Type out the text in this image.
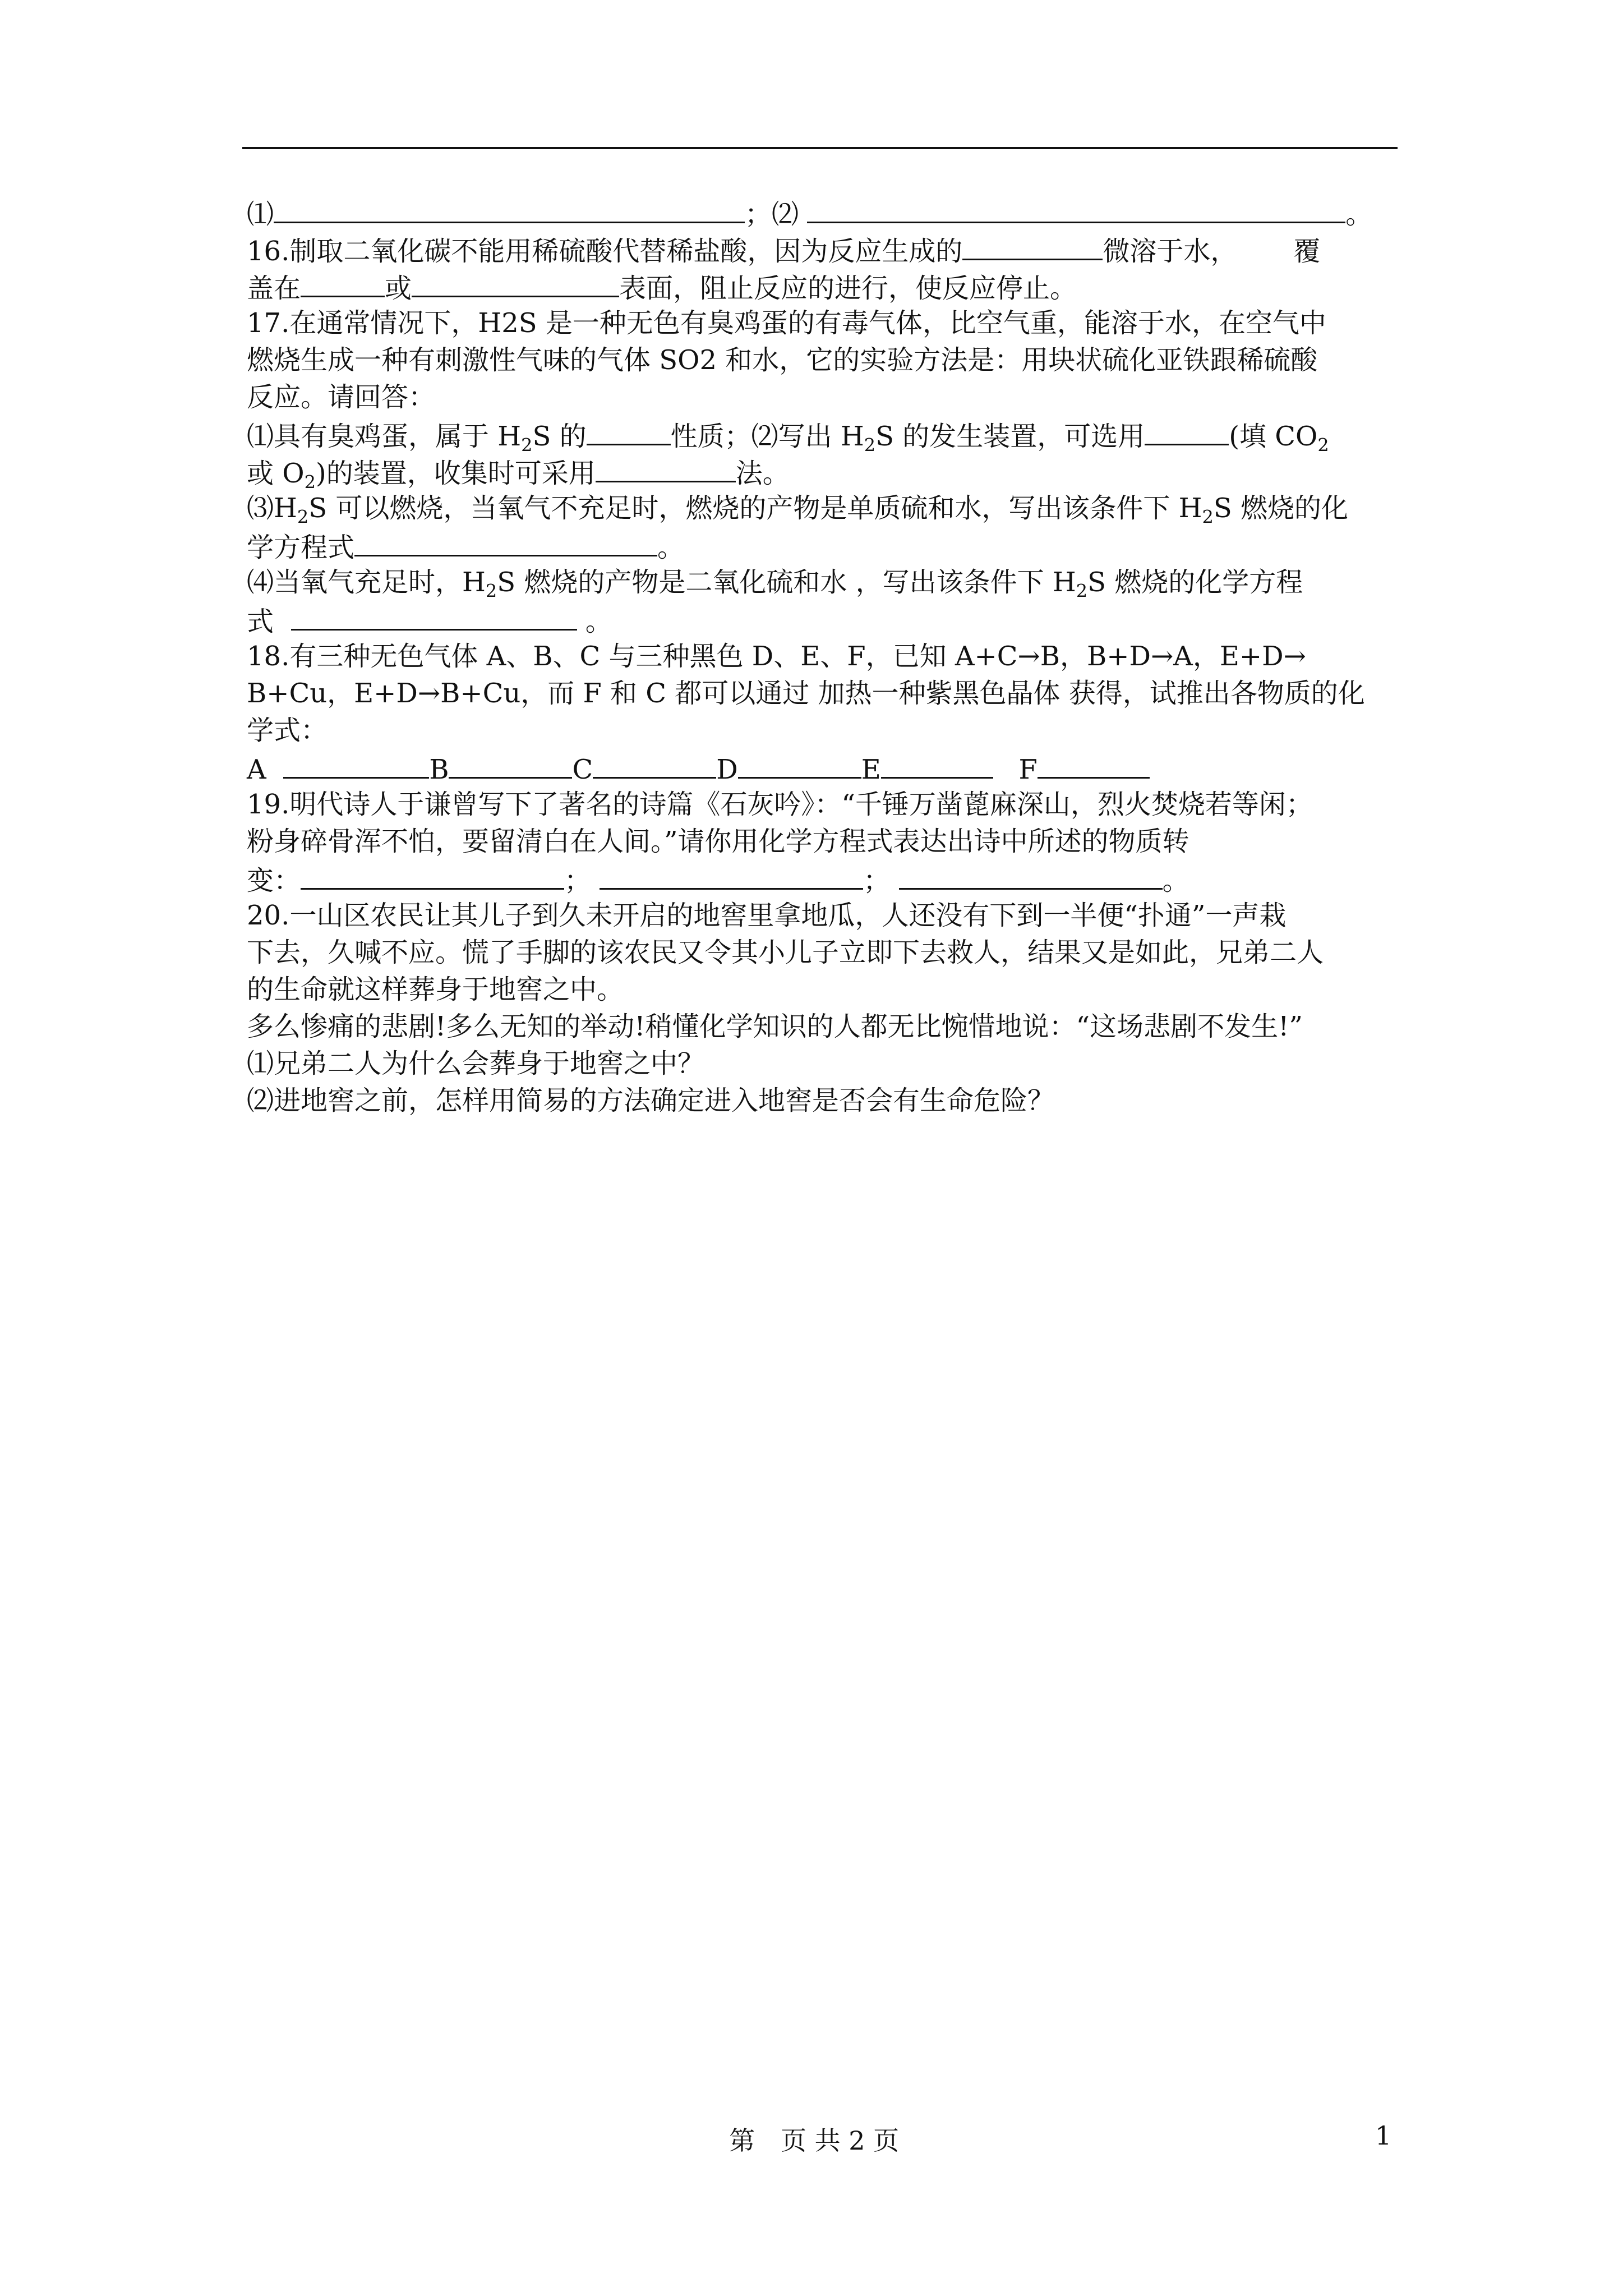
⑴	；⑵	。
16.制取二氧化碳不能用稀硫酸代替稀盐酸，因为反应生成的	微溶于水， 覆
盖在	或	表面，阻止反应的进行，使反应停止。
17.在通常情况下，H2S 是一种无色有臭鸡蛋的有毒气体，比空气重，能溶于水，在空气中
燃烧生成一种有刺激性气味的气体 SO2 和水，它的实验方法是：用块状硫化亚铁跟稀硫酸
反应。请回答：
⑴具有臭鸡蛋，属于 $H_2S$ 的	性质；⑵写出 $H_2S$ 的发生装置，可选用	(填 $CO_2$
或 $O_2$)的装置，收集时可采用	法。
$⑶H_2S$ 可以燃烧，当氧气不充足时，燃烧的产物是单质硫和水，写出该条件下 $H_2S$ 燃烧的化
学方程式	。
⑷当氧气充足时，$H_2S$ 燃烧的产物是二氧化硫和水 ，写出该条件下 $H_2S$ 燃烧的化学方程
式	。
18.有三种无色气体 A、B、C 与三种黑色 D、E、F，已知 A+C→B，B+D→A，E+D→
B+Cu，E+D→B+Cu，而 F 和 C 都可以通过 加热一种紫黑色晶体 获得，试推出各物质的化
学式：
A	B	C	D	E	F
19.明代诗人于谦曾写下了著名的诗篇《石灰吟》：“千锤万凿蓖麻深山，烈火焚烧若等闲；
粉身碎骨浑不怕，要留清白在人间。”请你用化学方程式表达出诗中所述的物质转
变：	；	；	。
20.一山区农民让其儿子到久未开启的地窖里拿地瓜，人还没有下到一半便“扑通”一声栽
下去，久喊不应。慌了手脚的该农民又令其小儿子立即下去救人，结果又是如此，兄弟二人
的生命就这样葬身于地窖之中。
多么惨痛的悲剧!多么无知的举动!稍懂化学知识的人都无比惋惜地说：“这场悲剧不发生!”
⑴兄弟二人为什么会葬身于地窖之中？
⑵进地窖之前，怎样用简易的方法确定进入地窖是否会有生命危险？
第　页 共 2 页	1
